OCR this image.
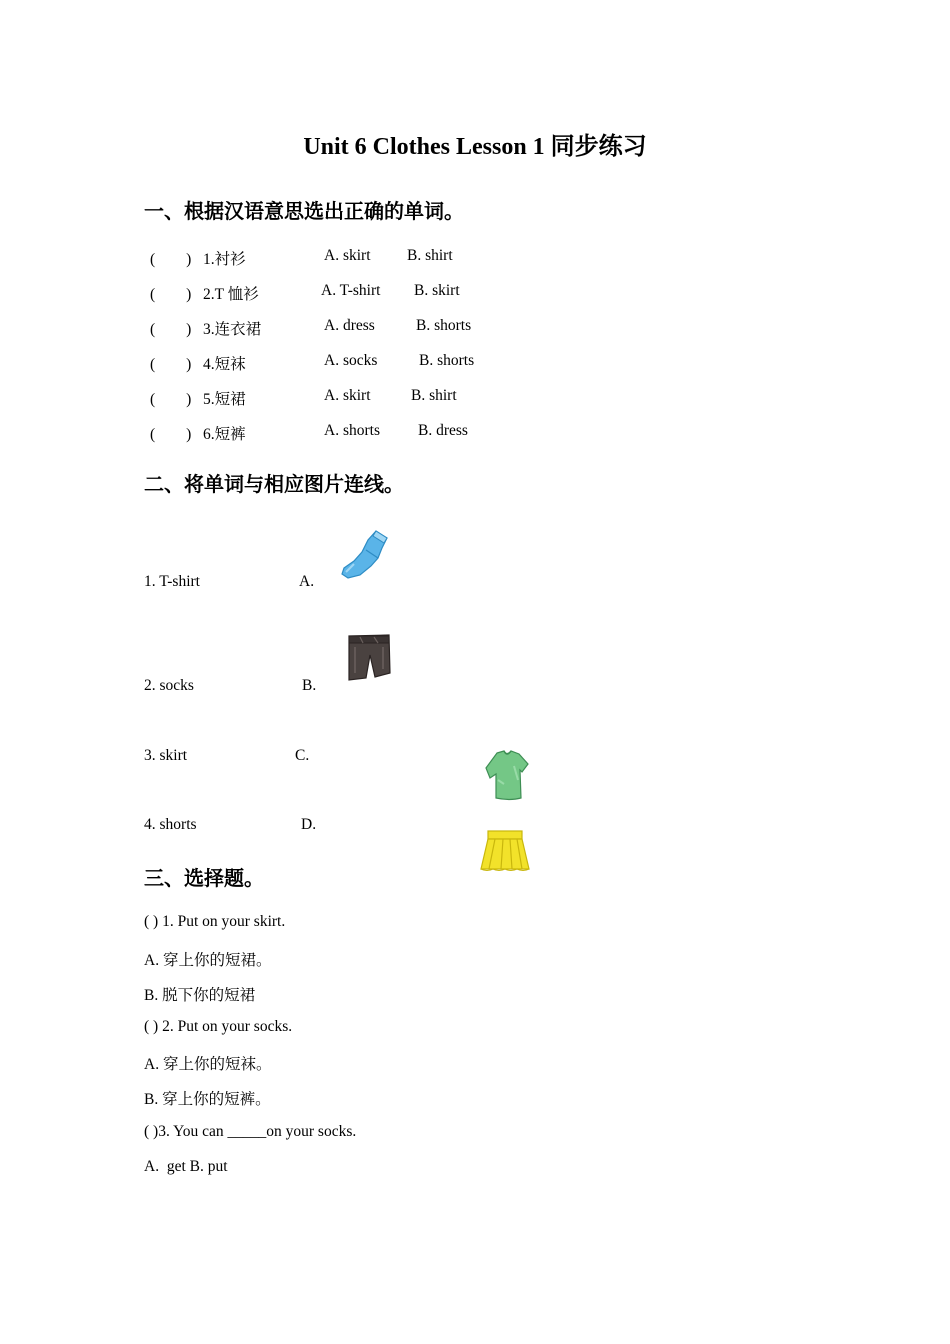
Unit 6 Clothes Lesson 1 同步练习
一、根据汉语意思选出正确的单词。
(　　) 1.衬衫	A. skirt B. shirt
(　　) 2.T 恤衫	A. T-shirt B. skirt
(　　) 3.连衣裙	A. dress	B. shorts
(　　) 4.短袜	A. socks	B. shorts
(　　) 5.短裙	A. skirt	B. shirt
(　　) 6.短裤	A. shorts B. dress
二、将单词与相应图片连线。
1. T-shirt	A.
2. socks	B.
3. skirt	C.
4. shorts	D.
三、选择题。
( ) 1. Put on your skirt.
A. 穿上你的短裙。
B. 脱下你的短裙
( ) 2. Put on your socks.
A. 穿上你的短袜。
B. 穿上你的短裤。
( )3. You can _____on your socks.
A.  get B. put
